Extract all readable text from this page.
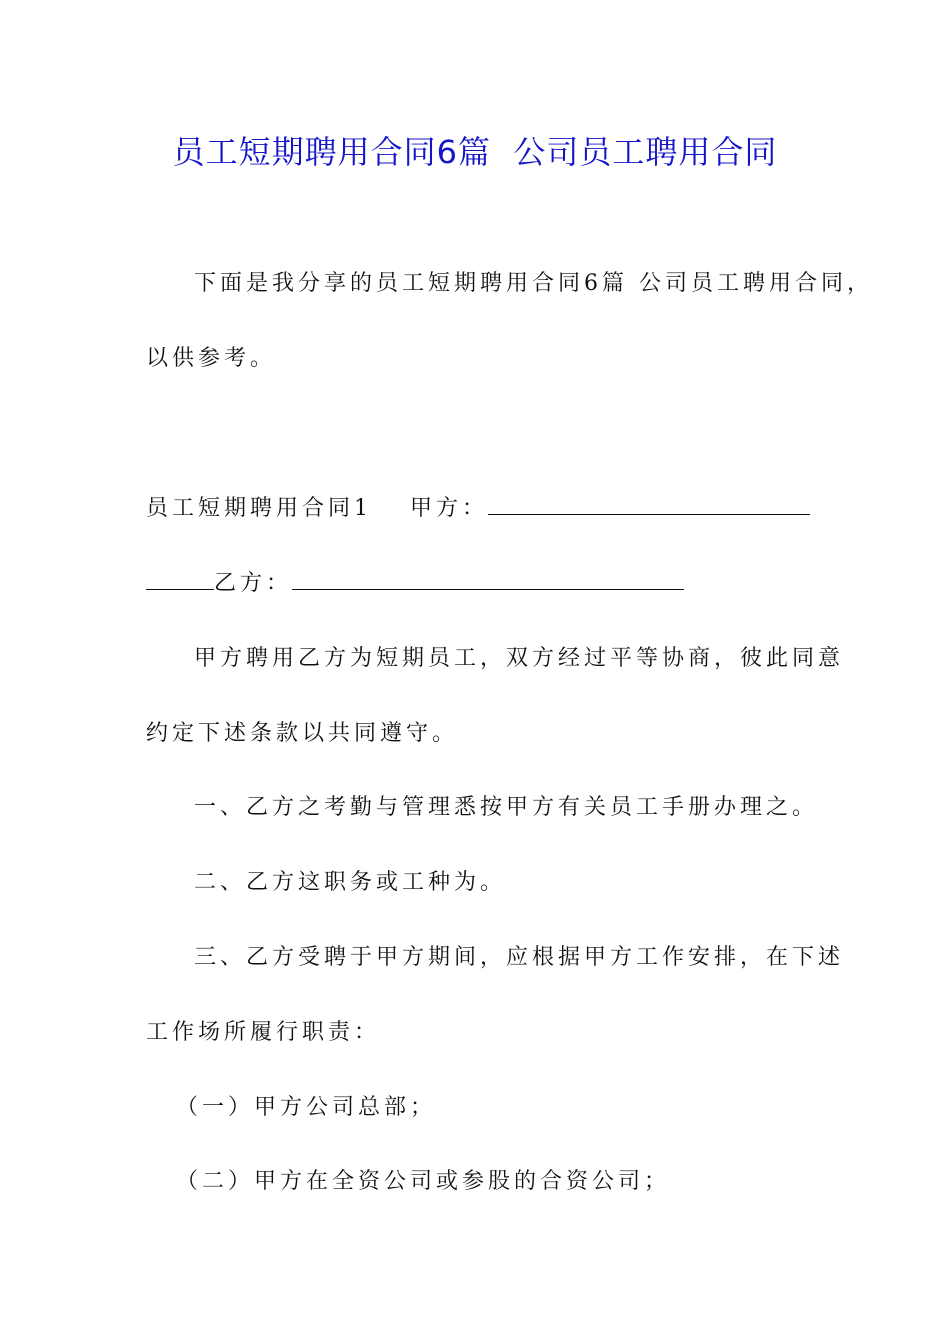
员工短期聘用合同6篇  公司员工聘用合同
下面是我分享的员工短期聘用合同6篇 公司员工聘用合同，
以供参考。
员工短期聘用合同1 甲方：
乙方：
甲方聘用乙方为短期员工，双方经过平等协商，彼此同意
约定下述条款以共同遵守。
一、乙方之考勤与管理悉按甲方有关员工手册办理之。
二、乙方这职务或工种为。
三、乙方受聘于甲方期间，应根据甲方工作安排，在下述
工作场所履行职责：
（一）甲方公司总部；
（二）甲方在全资公司或参股的合资公司；
